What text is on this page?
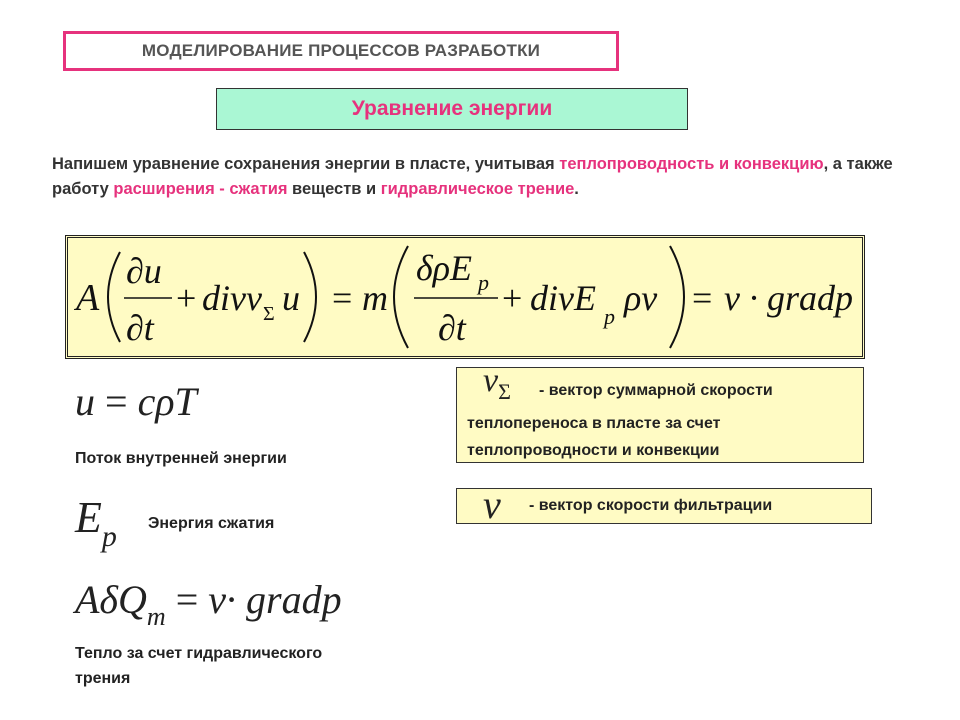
МОДЕЛИРОВАНИЕ ПРОЦЕССОВ РАЗРАБОТКИ
Уравнение энергии
Напишем уравнение сохранения энергии в пласте, учитывая теплопроводность и конвекцию, а также работу расширения - сжатия веществ и гидравлическое трение.
A
∂u
∂t
+ divv Σ u = m
δρE p
∂t
+ divE p ρv = v · gradp
u = cρT
Поток внутренней энергии
$E_p$ Энергия сжатия
AδQ$_m$ = v· gradp
Тепло за счет гидравлического
трения
$v_\Sigma$ - вектор суммарной скорости
теплопереноса в пласте за счет теплопроводности и конвекции
v - вектор скорости фильтрации
